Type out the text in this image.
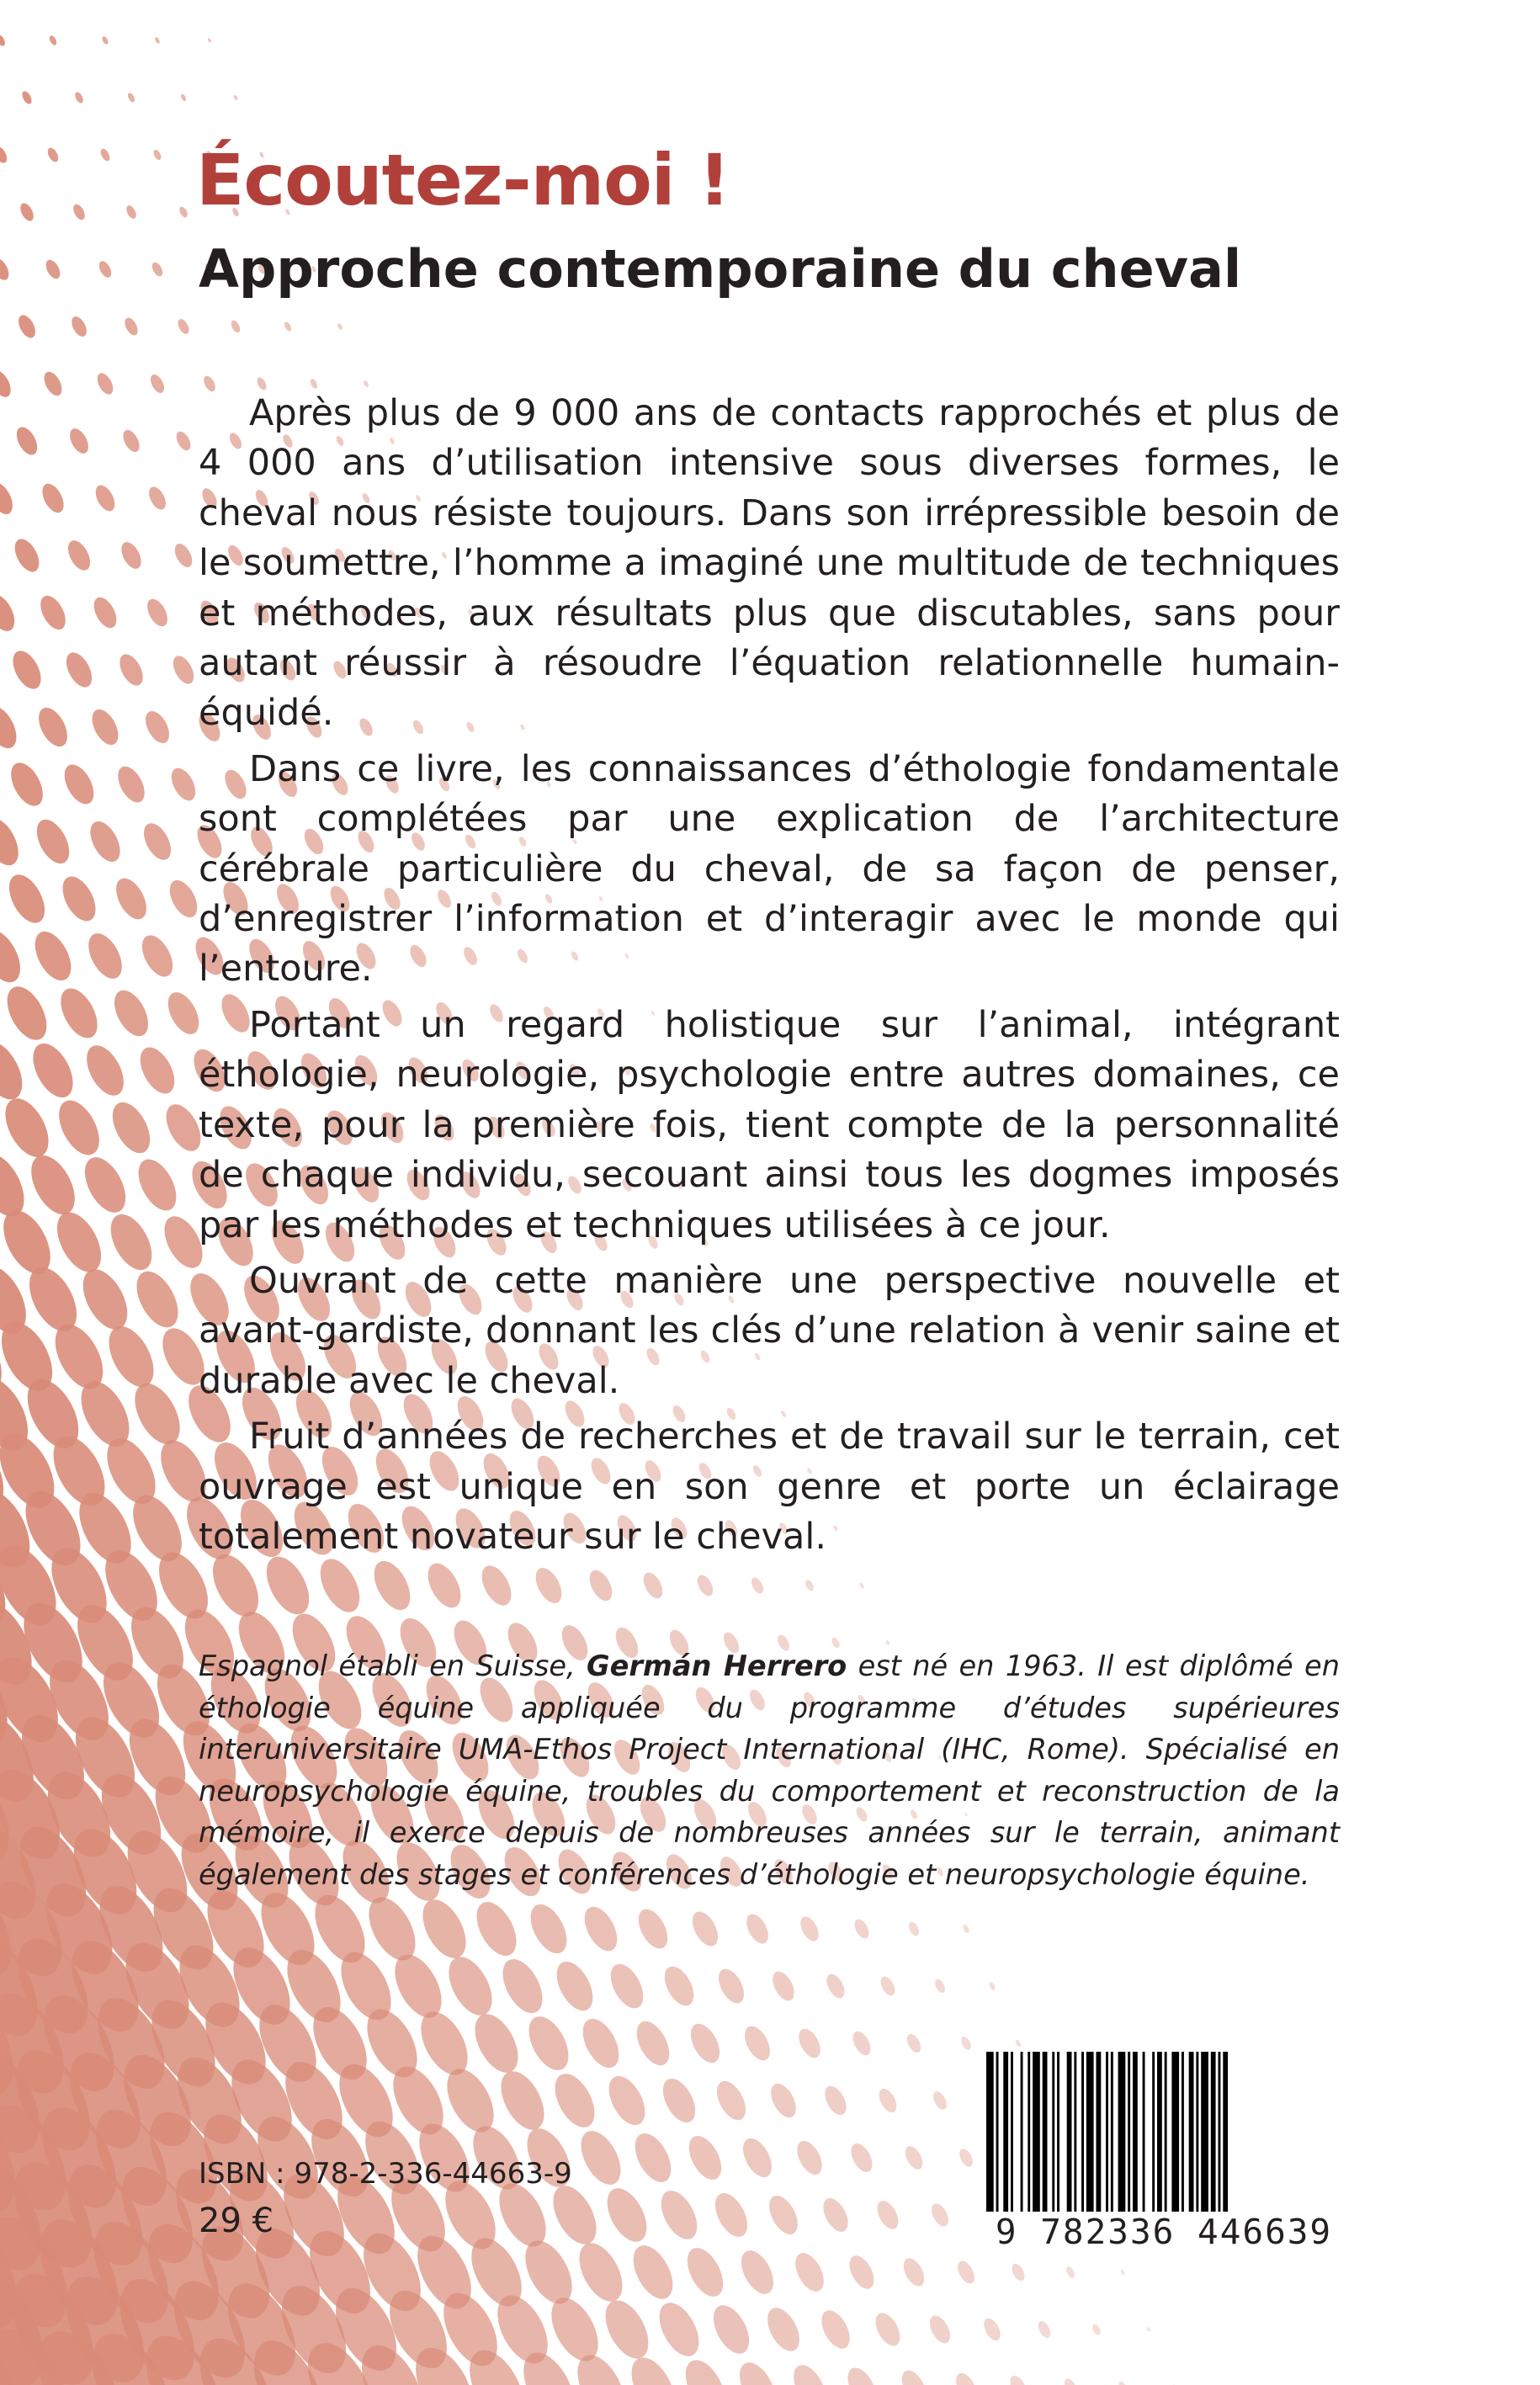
Écoutez-moi !
Approche contemporaine du cheval

Après plus de 9 000 ans de contacts rapprochés et plus de 4 000 ans d’utilisation intensive sous diverses formes, le cheval nous résiste toujours. Dans son irrépressible besoin de le soumettre, l’homme a imaginé une multitude de techniques et méthodes, aux résultats plus que discutables, sans pour autant réussir à résoudre l’équation relationnelle humain-équidé.

Dans ce livre, les connaissances d’éthologie fondamentale sont complétées par une explication de l’architecture cérébrale particulière du cheval, de sa façon de penser, d’enregistrer l’information et d’interagir avec le monde qui l’entoure.

Portant un regard holistique sur l’animal, intégrant éthologie, neurologie, psychologie entre autres domaines, ce texte, pour la première fois, tient compte de la personnalité de chaque individu, secouant ainsi tous les dogmes imposés par les méthodes et techniques utilisées à ce jour.

Ouvrant de cette manière une perspective nouvelle et avant-gardiste, donnant les clés d’une relation à venir saine et durable avec le cheval.

Fruit d’années de recherches et de travail sur le terrain, cet ouvrage est unique en son genre et porte un éclairage totalement novateur sur le cheval.

Espagnol établi en Suisse, Germán Herrero est né en 1963. Il est diplômé en éthologie équine appliquée du programme d’études supérieures interuniversitaire UMA-Ethos Project International (IHC, Rome). Spécialisé en neuropsychologie équine, troubles du comportement et reconstruction de la mémoire, il exerce depuis de nombreuses années sur le terrain, animant également des stages et conférences d’éthologie et neuropsychologie équine.

ISBN : 978-2-336-44663-9

29 €	9 782336 446639
